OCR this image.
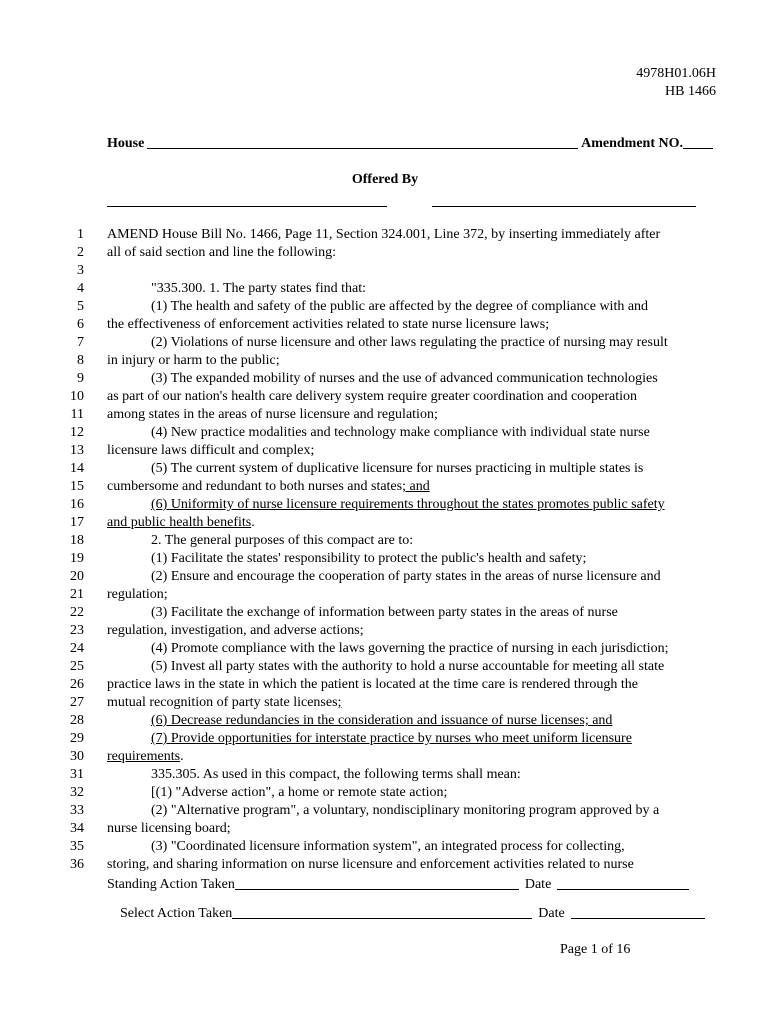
4978H01.06H
HB 1466
House	Amendment NO.
Offered By
1 AMEND House Bill No. 1466, Page 11, Section 324.001, Line 372, by inserting immediately after
2 all of said section and line the following:
3
4	"335.300. 1. The party states find that:
5	(1) The health and safety of the public are affected by the degree of compliance with and
6 the effectiveness of enforcement activities related to state nurse licensure laws;
7	(2) Violations of nurse licensure and other laws regulating the practice of nursing may result
8 in injury or harm to the public;
9	(3) The expanded mobility of nurses and the use of advanced communication technologies
10 as part of our nation's health care delivery system require greater coordination and cooperation
11 among states in the areas of nurse licensure and regulation;
12	(4) New practice modalities and technology make compliance with individual state nurse
13 licensure laws difficult and complex;
14	(5) The current system of duplicative licensure for nurses practicing in multiple states is
15 cumbersome and redundant to both nurses and states; and
16	(6) Uniformity of nurse licensure requirements throughout the states promotes public safety
17 and public health benefits.
18	2. The general purposes of this compact are to:
19	(1) Facilitate the states' responsibility to protect the public's health and safety;
20	(2) Ensure and encourage the cooperation of party states in the areas of nurse licensure and
21 regulation;
22	(3) Facilitate the exchange of information between party states in the areas of nurse
23 regulation, investigation, and adverse actions;
24	(4) Promote compliance with the laws governing the practice of nursing in each jurisdiction;
25	(5) Invest all party states with the authority to hold a nurse accountable for meeting all state
26 practice laws in the state in which the patient is located at the time care is rendered through the
27 mutual recognition of party state licenses;
28	(6) Decrease redundancies in the consideration and issuance of nurse licenses; and
29	(7) Provide opportunities for interstate practice by nurses who meet uniform licensure
30 requirements.
31	335.305. As used in this compact, the following terms shall mean:
32	[(1) "Adverse action", a home or remote state action;
33	(2) "Alternative program", a voluntary, nondisciplinary monitoring program approved by a
34 nurse licensing board;
35	(3) "Coordinated licensure information system", an integrated process for collecting,
36 storing, and sharing information on nurse licensure and enforcement activities related to nurse
Standing Action Taken	Date
Select Action Taken	Date
Page 1 of 16
